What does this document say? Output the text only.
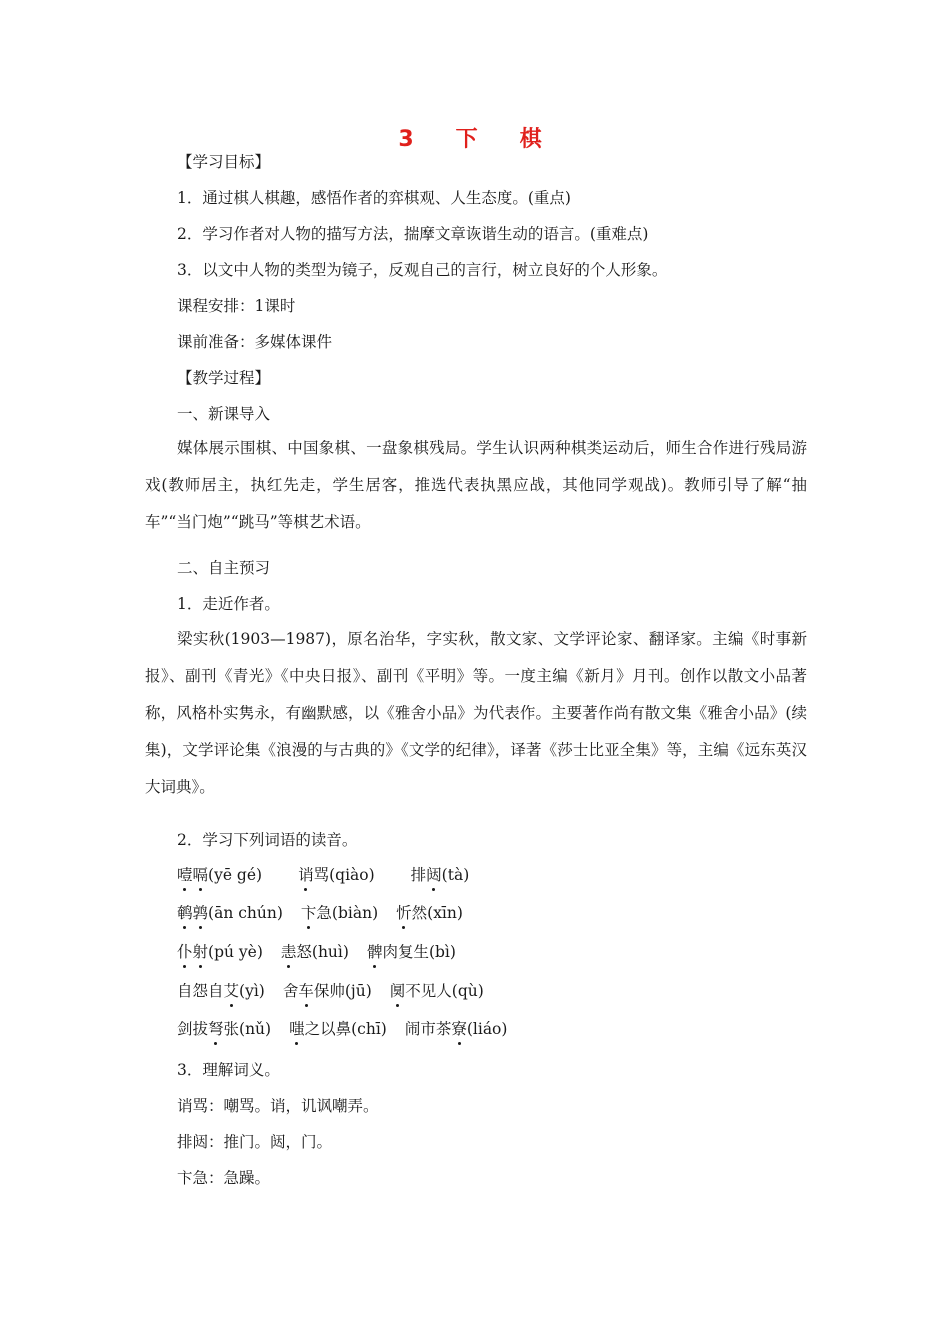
3　下　棋
【学习目标】
1．通过棋人棋趣，感悟作者的弈棋观、人生态度。(重点)
2．学习作者对人物的描写方法，揣摩文章诙谐生动的语言。(重难点)
3．以文中人物的类型为镜子，反观自己的言行，树立良好的个人形象。
课程安排：1课时
课前准备：多媒体课件
【教学过程】
一、新课导入
媒体展示围棋、中国象棋、一盘象棋残局。学生认识两种棋类运动后，师生合作进行残局游戏(教师居主，执红先走，学生居客，推选代表执黑应战，其他同学观战)。教师引导了解“抽车”“当门炮”“跳马”等棋艺术语。
二、自主预习
1．走近作者。
梁实秋(1903—1987)，原名治华，字实秋，散文家、文学评论家、翻译家。主编《时事新报》、副刊《青光》《中央日报》、副刊《平明》等。一度主编《新月》月刊。创作以散文小品著称，风格朴实隽永，有幽默感，以《雅舍小品》为代表作。主要著作尚有散文集《雅舍小品》(续集)，文学评论集《浪漫的与古典的》《文学的纪律》，译著《莎士比亚全集》等，主编《远东英汉大词典》。
2．学习下列词语的读音。
噎嗝(yē gé) 诮骂(qiào) 排闼(tà)
鹌鹑(ān chún) 卞急(biàn) 忻然(xīn)
仆射(pú yè) 恚怒(huì) 髀肉复生(bì)
自怨自艾(yì) 舍车保帅(jū) 阒不见人(qù)
剑拔弩张(nǔ) 嗤之以鼻(chī) 闹市茶寮(liáo)
3．理解词义。
诮骂：嘲骂。诮，讥讽嘲弄。
排闼：推门。闼，门。
卞急：急躁。
